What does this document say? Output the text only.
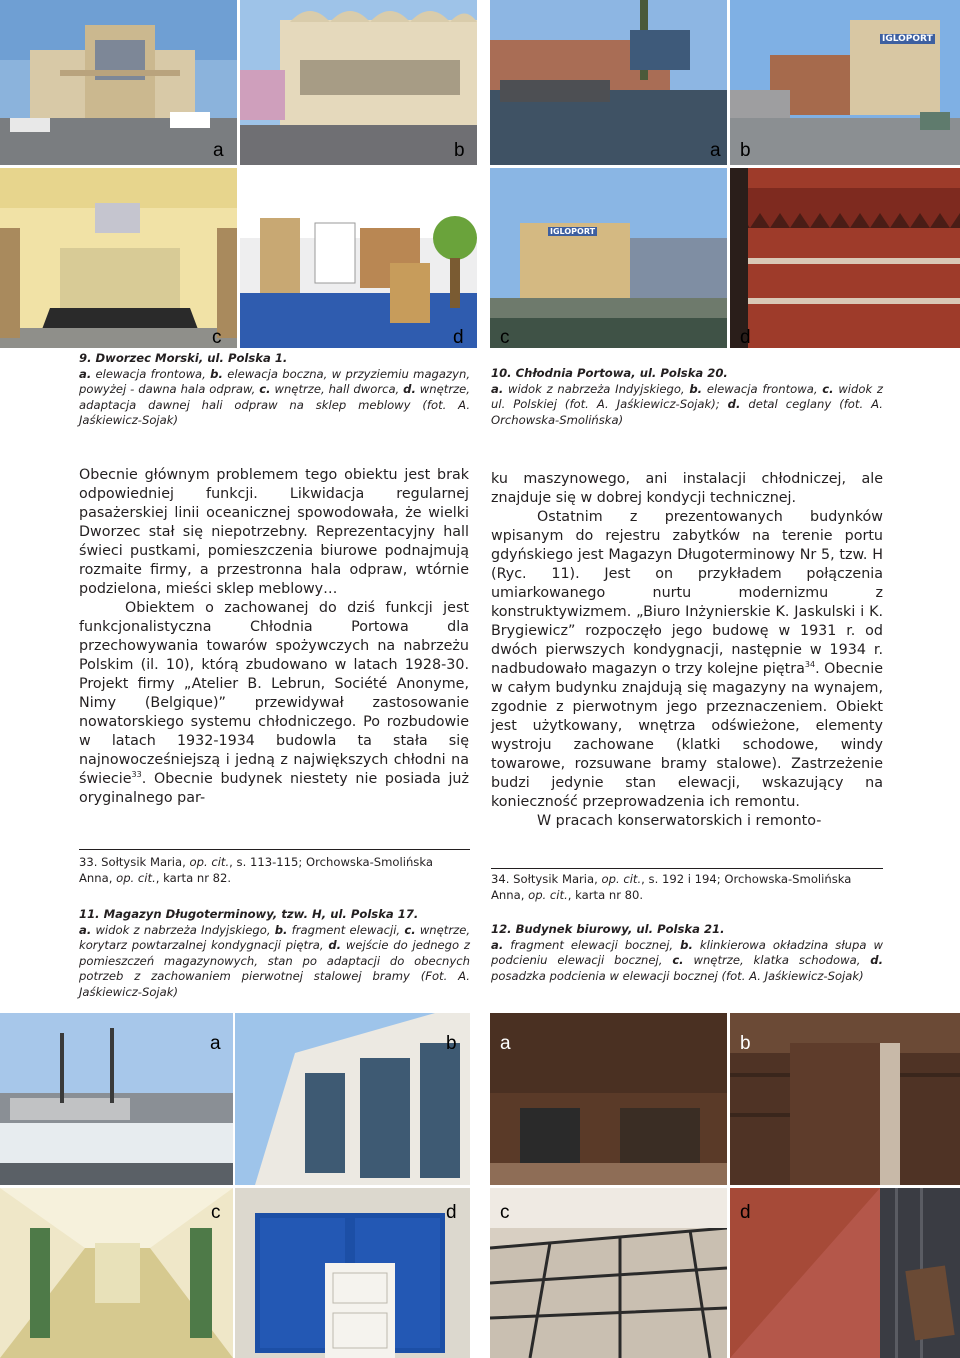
a	b
c	d

9. Dworzec Morski, ul. Polska 1.
a. elewacja frontowa, b. elewacja boczna, w przyziemiu magazyn, powyżej - dawna hala odpraw, c. wnętrze, hall dworca, d. wnętrze, adaptacja dawnej hali odpraw na sklep meblowy (fot. A. Jaśkiewicz-Sojak)

a
IGLOPORT
b
IGLOPORT
c	d

10. Chłodnia Portowa, ul. Polska 20.
a. widok z nabrzeża Indyjskiego, b. elewacja frontowa, c. widok z ul. Polskiej (fot. A. Jaśkiewicz-Sojak); d. detal ceglany (fot. A. Orchowska-Smolińska)

Obecnie głównym problemem tego obiektu jest brak odpowiedniej funkcji. Likwidacja regularnej pasażerskiej linii oceanicznej spowodowała, że wielki Dworzec stał się niepotrzebny. Reprezentacyjny hall świeci pustkami, pomieszczenia biurowe podnajmują rozmaite firmy, a przestronna hala odpraw, wtórnie podzielona, mieści sklep meblowy…

Obiektem o zachowanej do dziś funkcji jest funkcjonalistyczna Chłodnia Portowa dla przechowywania towarów spożywczych na nabrzeżu Polskim (il. 10), którą zbudowano w latach 1928-30. Projekt firmy „Atelier B. Lebrun, Société Anonyme, Nimy (Belgique)” przewidywał zastosowanie nowatorskiego systemu chłodniczego. Po rozbudowie w latach 1932-1934 budowla ta stała się najnowocześniejszą i jedną z największych chłodni na świecie$^{33}$. Obecnie budynek niestety nie posiada już oryginalnego par-

ku maszynowego, ani instalacji chłodniczej, ale znajduje się w dobrej kondycji technicznej.

Ostatnim z prezentowanych budynków wpisanym do rejestru zabytków na terenie portu gdyńskiego jest Magazyn Długoterminowy Nr 5, tzw. H (Ryc. 11). Jest on przykładem połączenia umiarkowanego nurtu modernizmu z konstruktywizmem. „Biuro Inżynierskie K. Jaskulski i K. Brygiewicz” rozpoczęło jego budowę w 1931 r. od dwóch pierwszych kondygnacji, następnie w 1934 r. nadbudowało magazyn o trzy kolejne piętra$^{34}$. Obecnie w całym budynku znajdują się magazyny na wynajem, zgodnie z pierwotnym jego przeznaczeniem. Obiekt jest użytkowany, wnętrza odświeżone, elementy wystroju zachowane (klatki schodowe, windy towarowe, rozsuwane bramy stalowe). Zastrzeżenie budzi jedynie stan elewacji, wskazujący na konieczność przeprowadzenia ich remontu.

W pracach konserwatorskich i remonto-

33. Sołtysik Maria, op. cit., s. 113-115; Orchowska-Smolińska Anna, op. cit., karta nr 82.	34. Sołtysik Maria, op. cit., s. 192 i 194; Orchowska-Smolińska Anna, op. cit., karta nr 80.

11. Magazyn Długoterminowy, tzw. H, ul. Polska 17.
a. widok z nabrzeża Indyjskiego, b. fragment elewacji, c. wnętrze, korytarz powtarzalnej kondygnacji piętra, d. wejście do jednego z pomieszczeń magazynowych, stan po adaptacji do obecnych potrzeb z zachowaniem pierwotnej stalowej bramy (Fot. A. Jaśkiewicz-Sojak)

12. Budynek biurowy, ul. Polska 21.
a. fragment elewacji bocznej, b. klinkierowa okładzina słupa w podcieniu elewacji bocznej, c. wnętrze, klatka schodowa, d. posadzka podcienia w elewacji bocznej (fot. A. Jaśkiewicz-Sojak)

a	b
c	d
a	b
c	d
